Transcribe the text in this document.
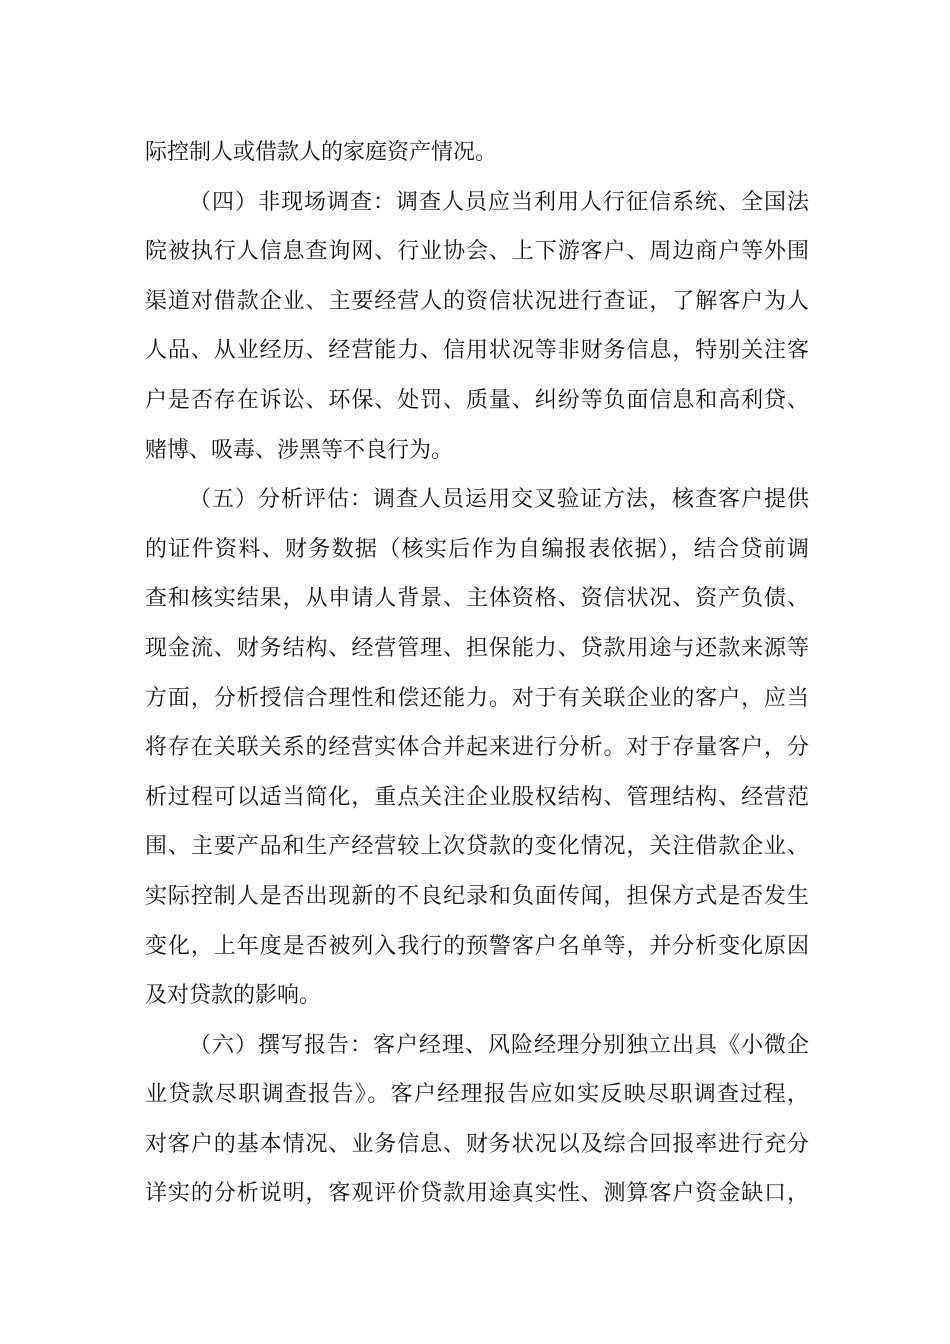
际控制人或借款人的家庭资产情况。
（四）非现场调查：调查人员应当利用人行征信系统、全国法
院被执行人信息查询网、行业协会、上下游客户、周边商户等外围
渠道对借款企业、主要经营人的资信状况进行查证，了解客户为人
人品、从业经历、经营能力、信用状况等非财务信息，特别关注客
户是否存在诉讼、环保、处罚、质量、纠纷等负面信息和高利贷、
赌博、吸毒、涉黑等不良行为。
（五）分析评估：调查人员运用交叉验证方法，核查客户提供
的证件资料、财务数据（核实后作为自编报表依据），结合贷前调
查和核实结果，从申请人背景、主体资格、资信状况、资产负债、
现金流、财务结构、经营管理、担保能力、贷款用途与还款来源等
方面，分析授信合理性和偿还能力。对于有关联企业的客户，应当
将存在关联关系的经营实体合并起来进行分析。对于存量客户，分
析过程可以适当简化，重点关注企业股权结构、管理结构、经营范
围、主要产品和生产经营较上次贷款的变化情况，关注借款企业、
实际控制人是否出现新的不良纪录和负面传闻，担保方式是否发生
变化，上年度是否被列入我行的预警客户名单等，并分析变化原因
及对贷款的影响。
（六）撰写报告：客户经理、风险经理分别独立出具《小微企
业贷款尽职调查报告》。客户经理报告应如实反映尽职调查过程，
对客户的基本情况、业务信息、财务状况以及综合回报率进行充分
详实的分析说明，客观评价贷款用途真实性、测算客户资金缺口，
